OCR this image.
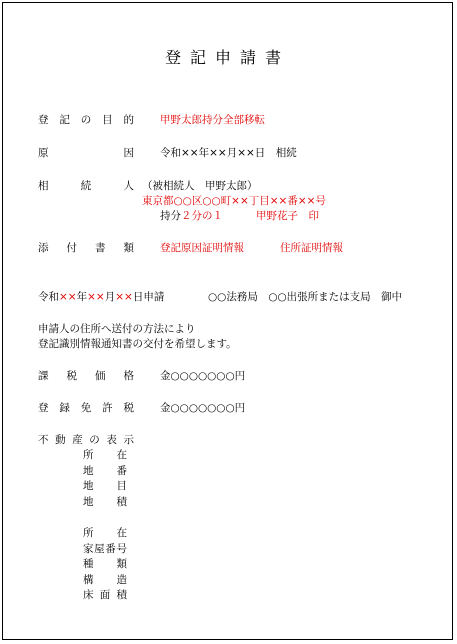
登記申請書
登 記 の 目 的 甲野太郎持分全部移転
原	因 令和××年××月××日　相続
相	続	人 （被相続人　甲野太郎）
東京都○○区○○町××丁目××番××号
持分２分の１	甲野花子　印
添 付 書 類 登記原因証明情報	住所証明情報
令和××年××月××日申請	○○法務局　○○出張所または支局　御中
申請人の住所へ送付の方法により
登記識別情報通知書の交付を希望します。
課 税 価 格 金○○○○○○○円
登 録 免 許 税 金○○○○○○○円
不 動 産 の 表 示
所 在
地 番
地 目
地 積
所 在
家 屋 番 号
種 類
構 造
床 面 積
